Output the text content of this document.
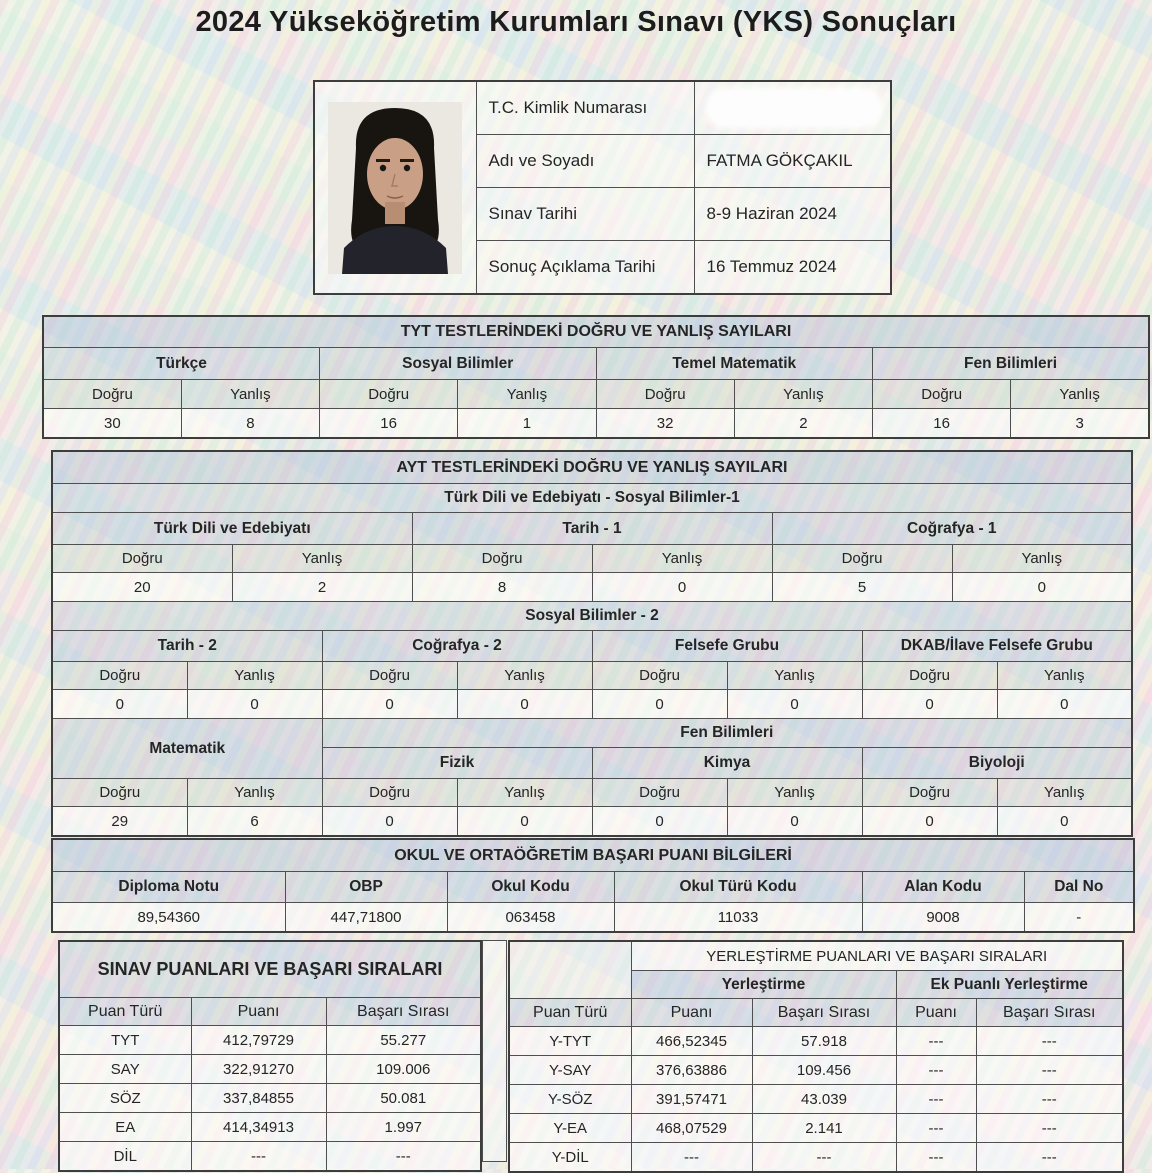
2024 Yükseköğretim Kurumları Sınavı (YKS) Sonuçları
	T.C. Kimlik Numarası	

	Adı ve Soyadı	FATMA GÖKÇAKIL
	Sınav Tarihi	8-9 Haziran 2024
	Sonuç Açıklama Tarihi	16 Temmuz 2024
TYT TESTLERİNDEKİ DOĞRU VE YANLIŞ SAYILARI							
Türkçe		Sosyal Bilimler		Temel Matematik		Fen Bilimleri	
Doğru	Yanlış	Doğru	Yanlış	Doğru	Yanlış	Doğru	Yanlış
30	8	16	1	32	2	16	3
AYT TESTLERİNDEKİ DOĞRU VE YANLIŞ SAYILARI											
Türk Dili ve Edebiyatı - Sosyal Bilimler-1											
Türk Dili ve Edebiyatı				Tarih - 1				Coğrafya - 1			
Doğru		Yanlış		Doğru		Yanlış		Doğru		Yanlış	
20		2		8		0		5		0	
Sosyal Bilimler - 2											
Tarih - 2			Coğrafya - 2			Felsefe Grubu			DKAB/İlave Felsefe Grubu		
Doğru	Yanlış		Doğru		Yanlış	Doğru	Yanlış		Doğru		Yanlış
0	0		0		0	0	0		0		0
Matematik			Fen Bilimleri								
			Fizik			Kimya			Biyoloji		
Doğru	Yanlış		Doğru		Yanlış	Doğru	Yanlış		Doğru		Yanlış
29	6		0		0	0	0		0		0
OKUL VE ORTAÖĞRETİM BAŞARI PUANI BİLGİLERİ					
Diploma Notu	OBP	Okul Kodu	Okul Türü Kodu	Alan Kodu	Dal No
89,54360	447,71800	063458	11033	9008	-
SINAV PUANLARI VE BAŞARI SIRALARI		
Puan Türü	Puanı	Başarı Sırası
TYT	412,79729	55.277
SAY	322,91270	109.006
SÖZ	337,84855	50.081
EA	414,34913	1.997
DİL	---	---
	YERLEŞTİRME PUANLARI VE BAŞARI SIRALARI			
	Yerleştirme		Ek Puanlı Yerleştirme	
Puan Türü	Puanı	Başarı Sırası	Puanı	Başarı Sırası
Y-TYT	466,52345	57.918	---	---
Y-SAY	376,63886	109.456	---	---
Y-SÖZ	391,57471	43.039	---	---
Y-EA	468,07529	2.141	---	---
Y-DİL	---	---	---	---
